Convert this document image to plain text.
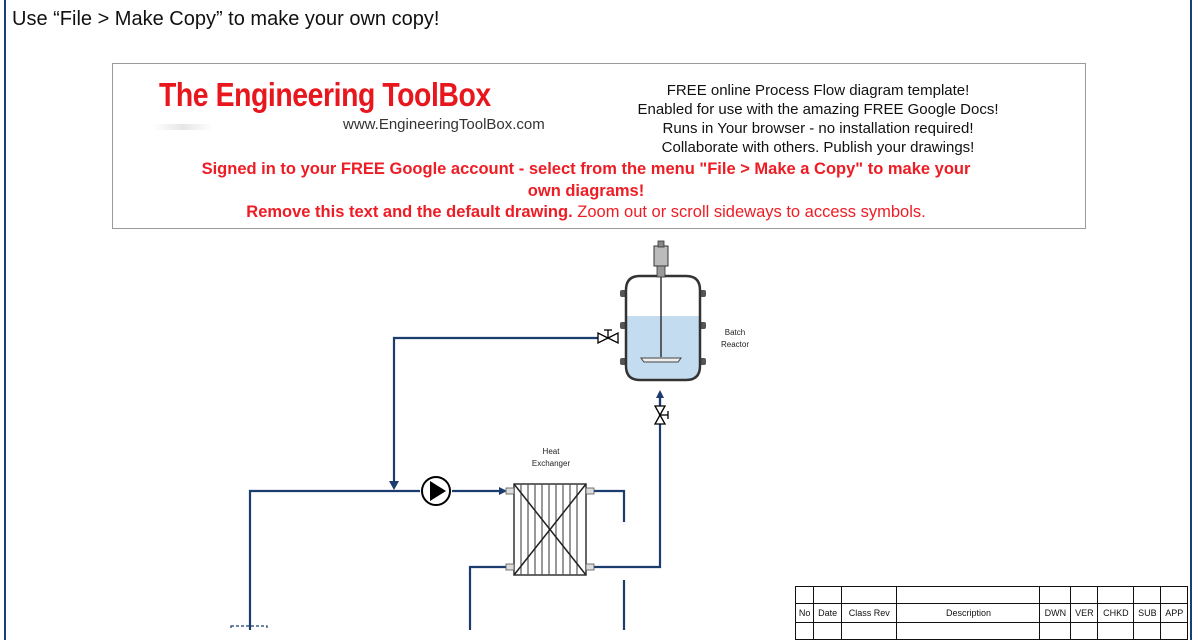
Use “File > Make Copy” to make your own copy!
The Engineering ToolBox
www.EngineeringToolBox.com
FREE online Process Flow diagram template!
Enabled for use with the amazing FREE Google Docs!
Runs in Your browser - no installation required!
Collaborate with others. Publish your drawings!
Signed in to your FREE Google account - select from the menu "File > Make a Copy" to make your
own diagrams!
Remove this text and the default drawing. Zoom out or scroll sideways to access symbols.
Heat
Exchanger
Batch
Reactor

No	Date	Class Rev	Description	DWN	VER	CHKD	SUB	APP
